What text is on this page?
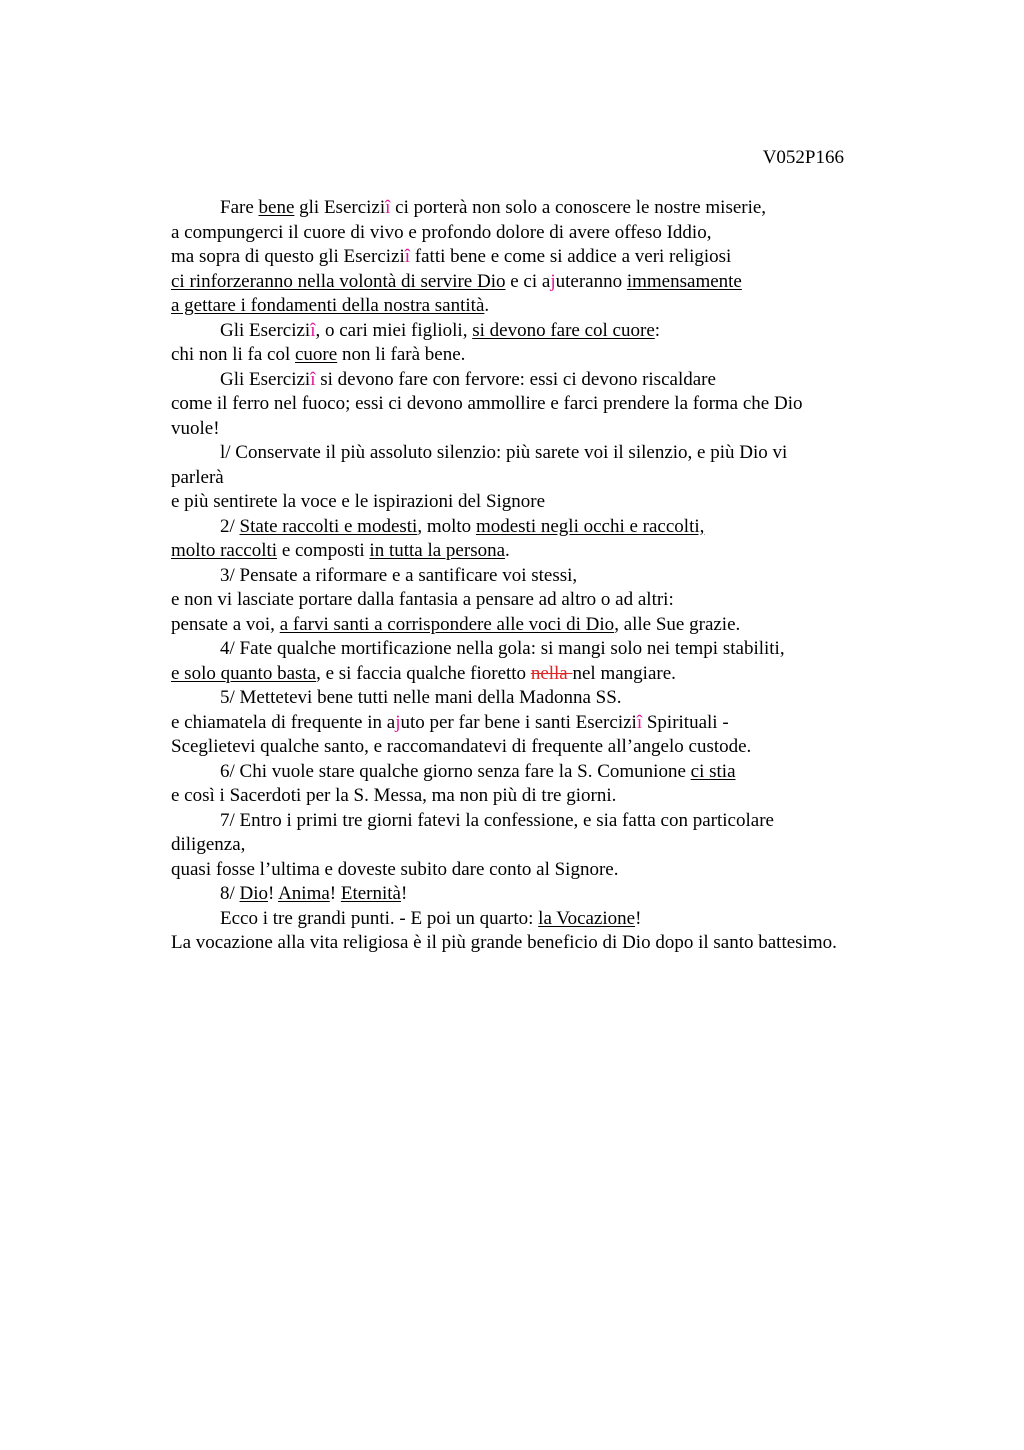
V052P166
Fare bene gli Eserciziî ci porterà non solo a conoscere le nostre miserie,
a compungerci il cuore di vivo e profondo dolore di avere offeso Iddio,
ma sopra di questo gli Eserciziî fatti bene e come si addice a veri religiosi
ci rinforzeranno nella volontà di servire Dio e ci ajuteranno immensamente
a gettare i fondamenti della nostra santità.
Gli Eserciziî, o cari miei figlioli, si devono fare col cuore:
chi non li fa col cuore non li farà bene.
Gli Eserciziî si devono fare con fervore: essi ci devono riscaldare
come il ferro nel fuoco; essi ci devono ammollire e farci prendere la forma che Dio
vuole!
l/ Conservate il più assoluto silenzio: più sarete voi il silenzio, e più Dio vi
parlerà
e più sentirete la voce e le ispirazioni del Signore
2/ State raccolti e modesti, molto modesti negli occhi e raccolti,
molto raccolti e composti in tutta la persona.
3/ Pensate a riformare e a santificare voi stessi,
e non vi lasciate portare dalla fantasia a pensare ad altro o ad altri:
pensate a voi, a farvi santi a corrispondere alle voci di Dio, alle Sue grazie.
4/ Fate qualche mortificazione nella gola: si mangi solo nei tempi stabiliti,
e solo quanto basta, e si faccia qualche fioretto nella nel mangiare.
5/ Mettetevi bene tutti nelle mani della Madonna SS.
e chiamatela di frequente in ajuto per far bene i santi Eserciziî Spirituali -
Sceglietevi qualche santo, e raccomandatevi di frequente all’angelo custode.
6/ Chi vuole stare qualche giorno senza fare la S. Comunione ci stia
e così i Sacerdoti per la S. Messa, ma non più di tre giorni.
7/ Entro i primi tre giorni fatevi la confessione, e sia fatta con particolare
diligenza,
quasi fosse l’ultima e doveste subito dare conto al Signore.
8/ Dio! Anima! Eternità!
Ecco i tre grandi punti. - E poi un quarto: la Vocazione!
La vocazione alla vita religiosa è il più grande beneficio di Dio dopo il santo battesimo.
